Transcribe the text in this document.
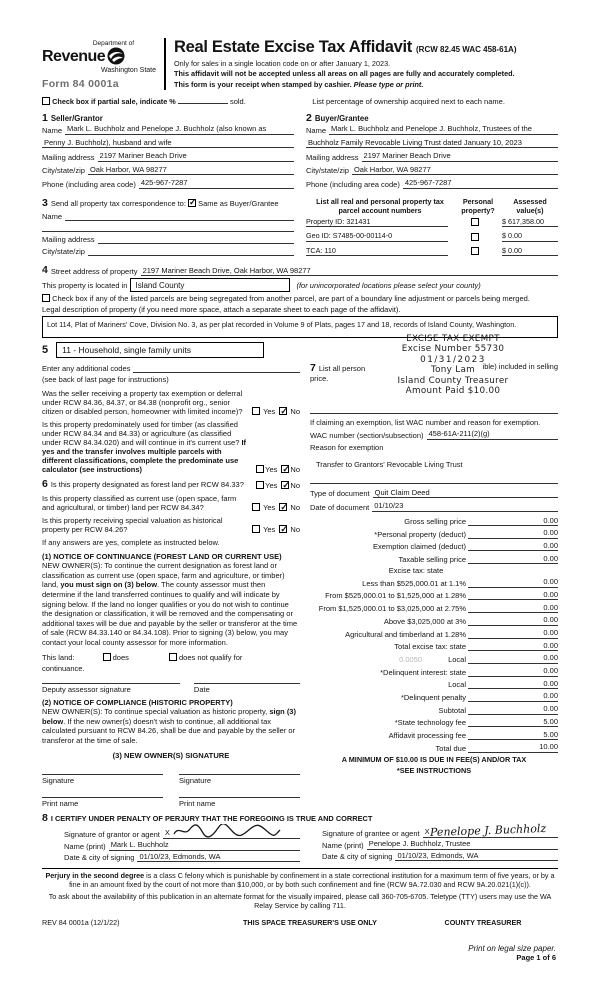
Department of
Revenue
Washington State
Form 84 0001a
Real Estate Excise Tax Affidavit (RCW 82.45 WAC 458-61A)
Only for sales in a single location code on or after January 1, 2023.
This affidavit will not be accepted unless all areas on all pages are fully and accurately completed.
This form is your receipt when stamped by cashier. Please type or print.
Check box if partial sale, indicate %	sold.	List percentage of ownership acquired next to each name.
1 Seller/Grantor
Name Mark L. Buchholz and Penelope J. Buchholz (also known as
Penny J. Buchholz), husband and wife
Mailing address 2197 Mariner Beach Drive
City/state/zip Oak Harbor, WA 98277
Phone (including area code) 425-967-7287
2 Buyer/Grantee
Name Mark L. Buchholz and Penelope J. Buchholz, Trustees of the
Buchholz Family Revocable Living Trust dated January 10, 2023
Mailing address 2197 Mariner Beach Drive
City/state/zip Oak Harbor, WA 98277
Phone (including area code) 425-967-7287
3 Send all property tax correspondence to: ✓ Same as Buyer/Grantee
Name
Mailing address
City/state/zip
List all real and personal property tax parcel account numbers
Personal property?
Assessed value(s)
Property ID: 321431	$ 617,358.00
Geo ID: S7485-00-00114-0	$ 0.00
TCA: 110	$ 0.00
4 Street address of property 2197 Mariner Beach Drive, Oak Harbor, WA 98277
This property is located in	Island County	(for unincorporated locations please select your county)
Check box if any of the listed parcels are being segregated from another parcel, are part of a boundary line adjustment or parcels being merged.
Legal description of property (if you need more space, attach a separate sheet to each page of the affidavit).
Lot 114, Plat of Mariners' Cove, Division No. 3, as per plat recorded in Volume 9 of Plats, pages 17 and 18, records of Island County, Washington.
5	11 - Household, single family units
Enter any additional codes
(see back of last page for instructions)
Was the seller receiving a property tax exemption or deferral under RCW 84.36, 84.37, or 84.38 (nonprofit org., senior citizen or disabled person, homeowner with limited income)?	Yes ✓ No
Is this property predominately used for timber (as classified under RCW 84.34 and 84.33) or agriculture (as classified under RCW 84.34.020) and will continue in it's current use? If yes and the transfer involves multiple parcels with different classifications, complete the predominate use calculator (see instructions)	Yes ✓ No
6 Is this property designated as forest land per RCW 84.33?	Yes ✓ No
Is this property classified as current use (open space, farm and agricultural, or timber) land per RCW 84.34?	Yes ✓ No
Is this property receiving special valuation as historical property per RCW 84.26?	Yes ✓ No
If any answers are yes, complete as instructed below.
(1) NOTICE OF CONTINUANCE (FOREST LAND OR CURRENT USE)
NEW OWNER(S): To continue the current designation as forest land or classification as current use (open space, farm and agriculture, or timber) land, you must sign on (3) below. The county assessor must then determine if the land transferred continues to qualify and will indicate by signing below. If the land no longer qualifies or you do not wish to continue the designation or classification, it will be removed and the compensating or additional taxes will be due and payable by the seller or transferor at the time of sale (RCW 84.33.140 or 84.34.108). Prior to signing (3) below, you may contact your local county assessor for more information.
This land:	does	does not qualify for
continuance.
Deputy assessor signature	Date
(2) NOTICE OF COMPLIANCE (HISTORIC PROPERTY)
NEW OWNER(S): To continue special valuation as historic property, sign (3) below. If the new owner(s) doesn't wish to continue, all additional tax calculated pursuant to RCW 84.26, shall be due and payable by the seller or transferor at the time of sale.
(3) NEW OWNER(S) SIGNATURE
Signature	Signature
Print name	Print name
7 List all person	ible) included in selling
price.
If claiming an exemption, list WAC number and reason for exemption.
WAC number (section/subsection) 458-61A-211(2)(g)
Reason for exemption
Transfer to Grantors' Revocable Living Trust
Type of document Quit Claim Deed
Date of document 01/10/23
Gross selling price	0.00
*Personal property (deduct)	0.00
Exemption claimed (deduct)	0.00
Taxable selling price	0.00
Excise tax: state
Less than $525,000.01 at 1.1%	0.00
From $525,000.01 to $1,525,000 at 1.28%	0.00
From $1,525,000.01 to $3,025,000 at 2.75%	0.00
Above $3,025,000 at 3%	0.00
Agricultural and timberland at 1.28%	0.00
Total excise tax: state	0.00
0.0050	Local	0.00
*Delinquent interest: state	0.00
Local	0.00
*Delinquent penalty	0.00
Subtotal	0.00
*State technology fee	5.00
Affidavit processing fee	5.00
Total due	10.00
A MINIMUM OF $10.00 IS DUE IN FEE(S) AND/OR TAX
*SEE INSTRUCTIONS
8 I CERTIFY UNDER PENALTY OF PERJURY THAT THE FOREGOING IS TRUE AND CORRECT
Signature of grantor or agent X
Name (print) Mark L. Buchholz
Date & city of signing 01/10/23, Edmonds, WA
Signature of grantee or agent XPenelope J. Buchholz
Name (print) Penelope J. Buchholz, Trustee
Date & city of signing 01/10/23, Edmonds, WA
Perjury in the second degree is a class C felony which is punishable by confinement in a state correctional institution for a maximum term of five years, or by a fine in an amount fixed by the court of not more than $10,000, or by both such confinement and fine (RCW 9A.72.030 and RCW 9A.20.021(1)(c)).
To ask about the availability of this publication in an alternate format for the visually impaired, please call 360-705-6705. Teletype (TTY) users may use the WA Relay Service by calling 711.
REV 84 0001a (12/1/22)	THIS SPACE TREASURER'S USE ONLY	COUNTY TREASURER
EXCISE TAX EXEMPT
Excise Number 55730
01/31/2023
Tony Lam
Island County Treasurer
Amount Paid $10.00
Print on legal size paper.
Page 1 of 6
